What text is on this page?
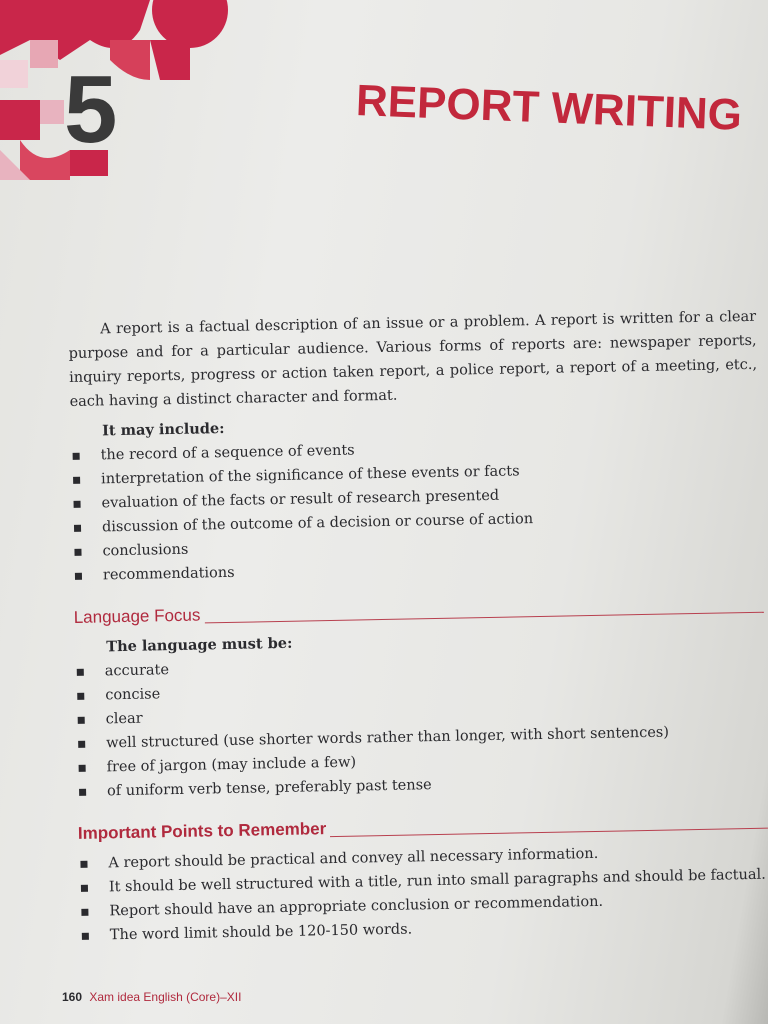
5	REPORT WRITING

A report is a factual description of an issue or a problem. A report is written for a clear purpose and for a particular audience. Various forms of reports are: newspaper reports, inquiry reports, progress or action taken report, a police report, a report of a meeting, etc., each having a distinct character and format.

It may include:
the record of a sequence of events
interpretation of the significance of these events or facts
evaluation of the facts or result of research presented
discussion of the outcome of a decision or course of action
conclusions
recommendations
Language Focus
The language must be:
accurate
concise
clear
well structured (use shorter words rather than longer, with short sentences)
free of jargon (may include a few)
of uniform verb tense, preferably past tense
Important Points to Remember
A report should be practical and convey all necessary information.
It should be well structured with a title, run into small paragraphs and should be factual.
Report should have an appropriate conclusion or recommendation.
The word limit should be 120-150 words.
160 Xam idea English (Core)–XII
